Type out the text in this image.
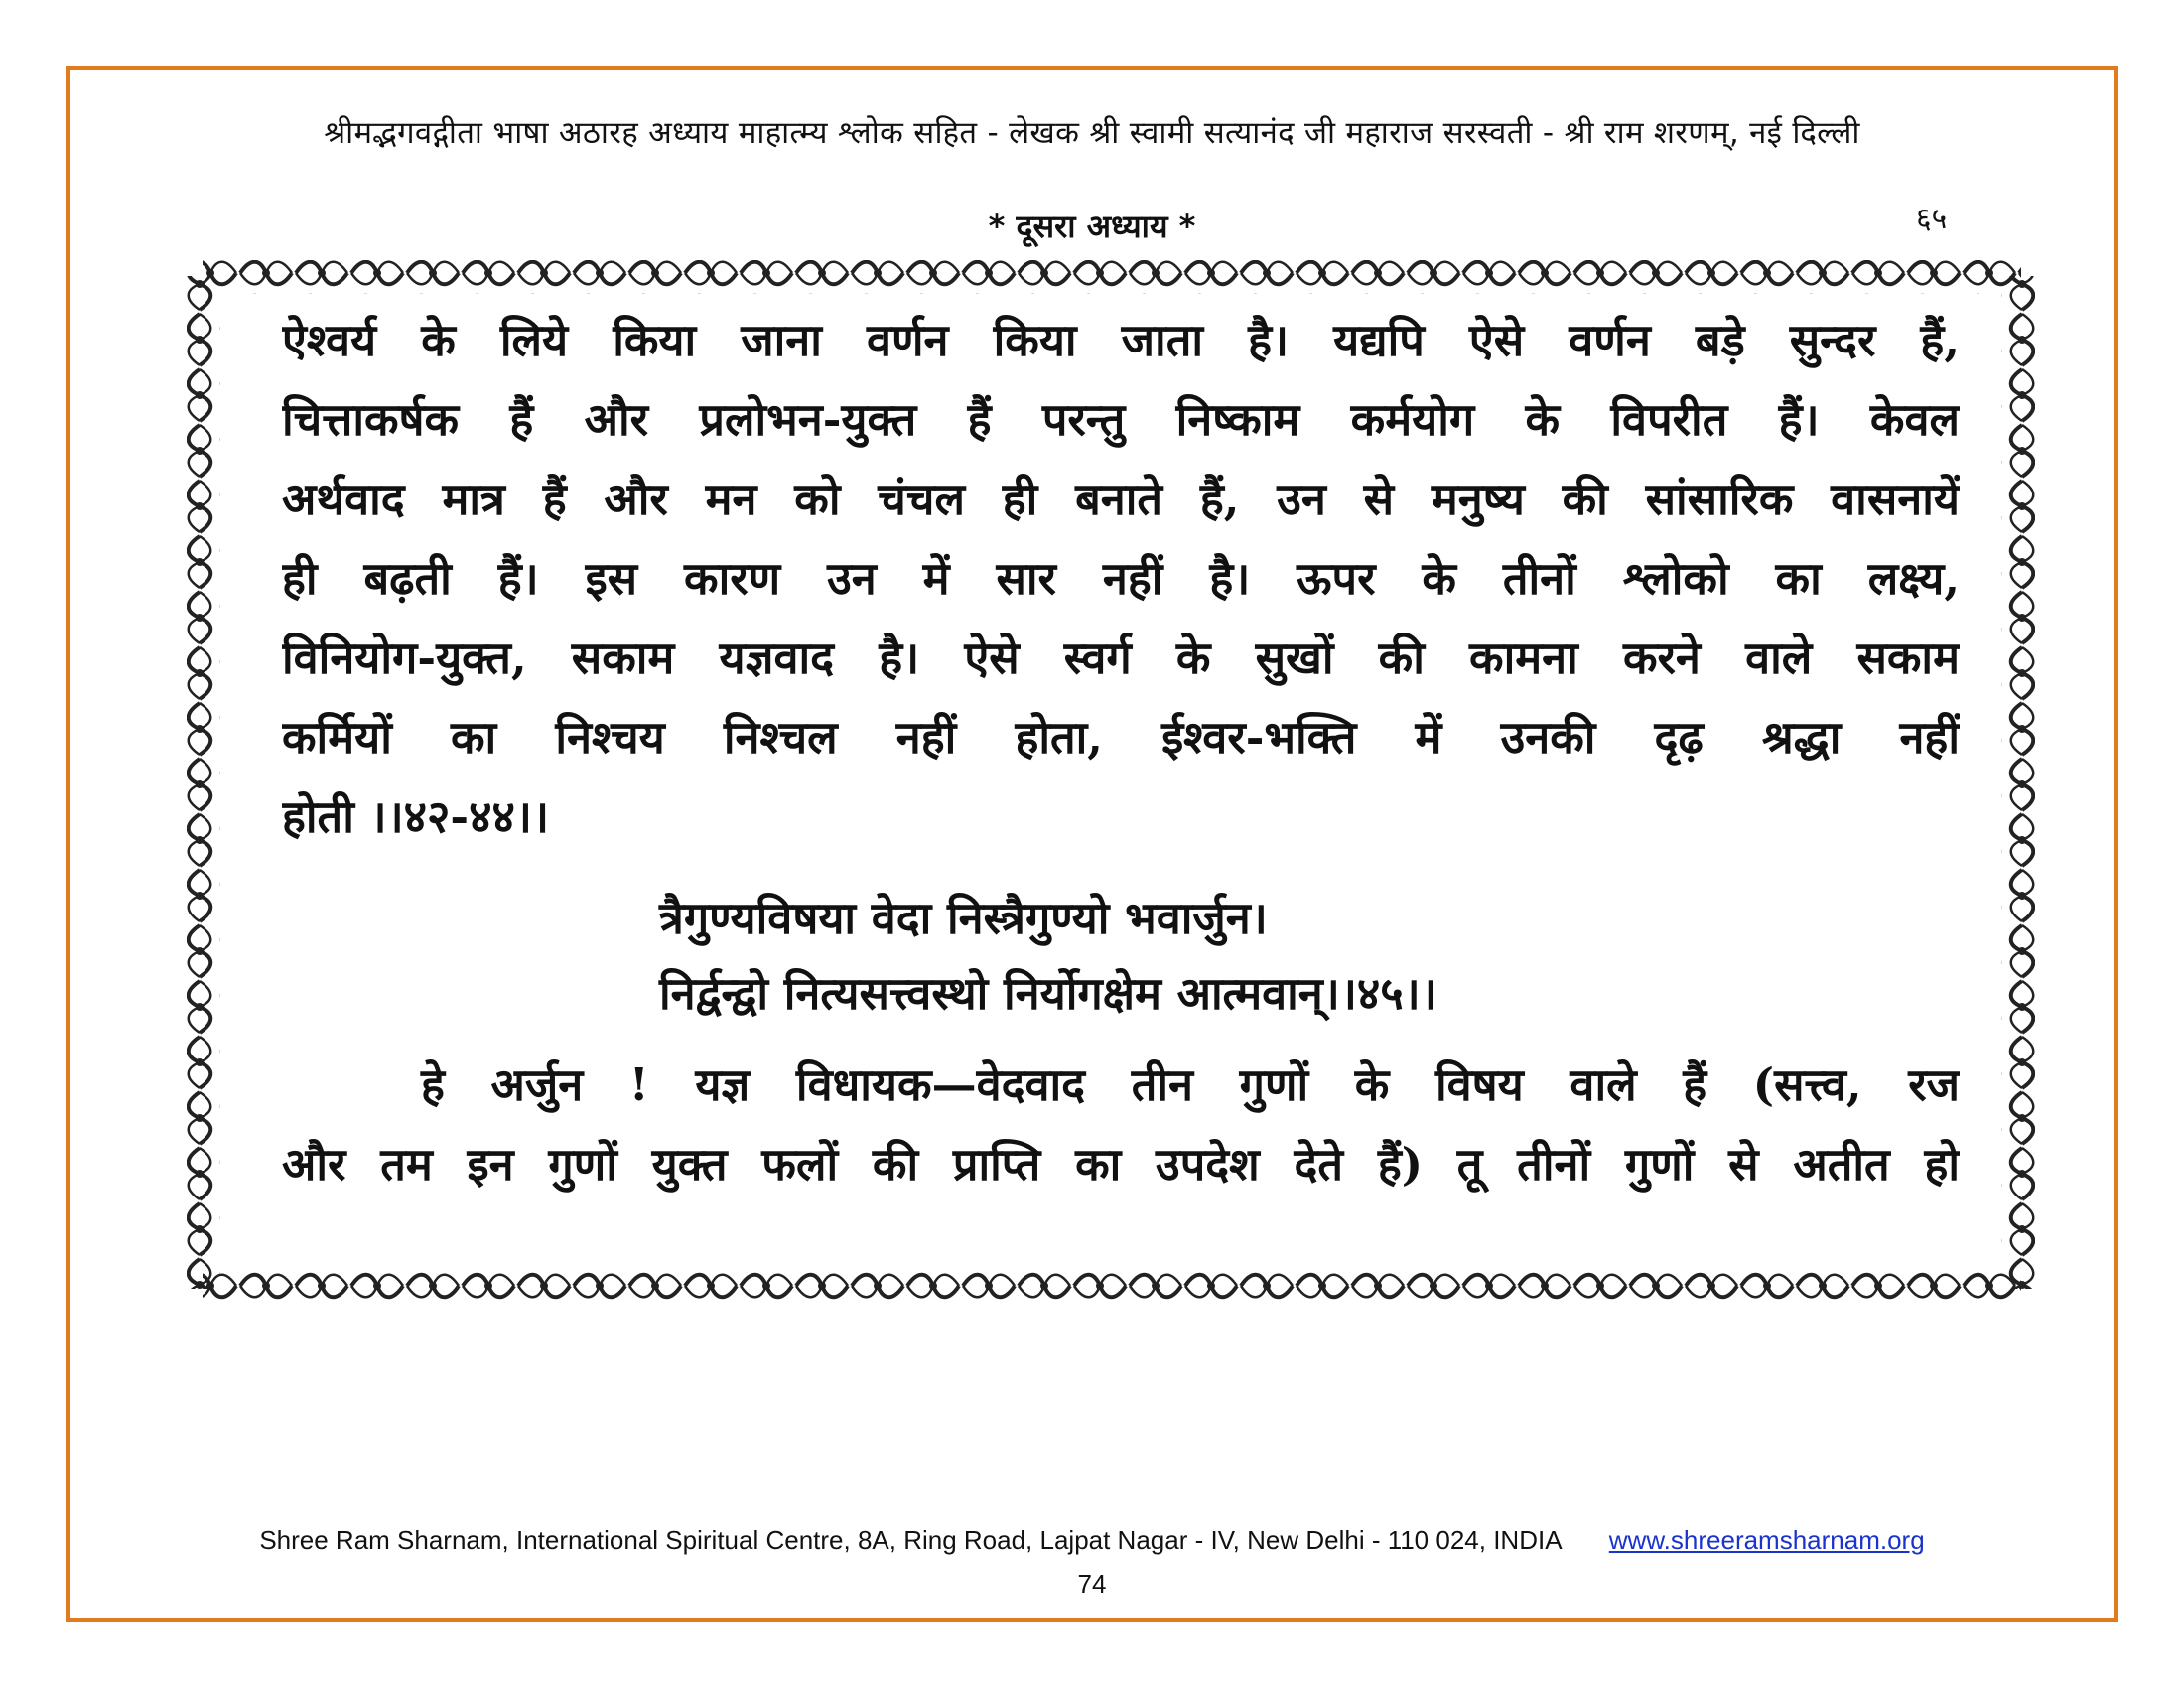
श्रीमद्भगवद्गीता भाषा अठारह अध्याय माहात्म्य श्लोक सहित - लेखक श्री स्वामी सत्यानंद जी महाराज सरस्वती - श्री राम शरणम्, नई दिल्ली
* दूसरा अध्याय *	६५
ऐश्वर्य के लिये किया जाना वर्णन किया जाता है। यद्यपि ऐसे वर्णन बड़े सुन्दर हैं,
चित्ताकर्षक हैं और प्रलोभन-युक्त हैं परन्तु निष्काम कर्मयोग के विपरीत हैं। केवल
अर्थवाद मात्र हैं और मन को चंचल ही बनाते हैं, उन से मनुष्य की सांसारिक वासनायें
ही बढ़ती हैं। इस कारण उन में सार नहीं है। ऊपर के तीनों श्लोको का लक्ष्य,
विनियोग-युक्त, सकाम यज्ञवाद है। ऐसे स्वर्ग के सुखों की कामना करने वाले सकाम
कर्मियों का निश्चय निश्चल नहीं होता, ईश्वर-भक्ति में उनकी दृढ़ श्रद्धा नहीं
होती ।।४२-४४।।
त्रैगुण्यविषया वेदा निस्त्रैगुण्यो भवार्जुन।
निर्द्वन्द्वो नित्यसत्त्वस्थो निर्योगक्षेम आत्मवान्।।४५।।
हे अर्जुन ! यज्ञ विधायक—वेदवाद तीन गुणों के विषय वाले हैं (सत्त्व, रज
और तम इन गुणों युक्त फलों की प्राप्ति का उपदेश देते हैं) तू तीनों गुणों से अतीत हो
Shree Ram Sharnam, International Spiritual Centre, 8A, Ring Road, Lajpat Nagar - IV, New Delhi - 110 024, INDIA www.shreeramsharnam.org
74
